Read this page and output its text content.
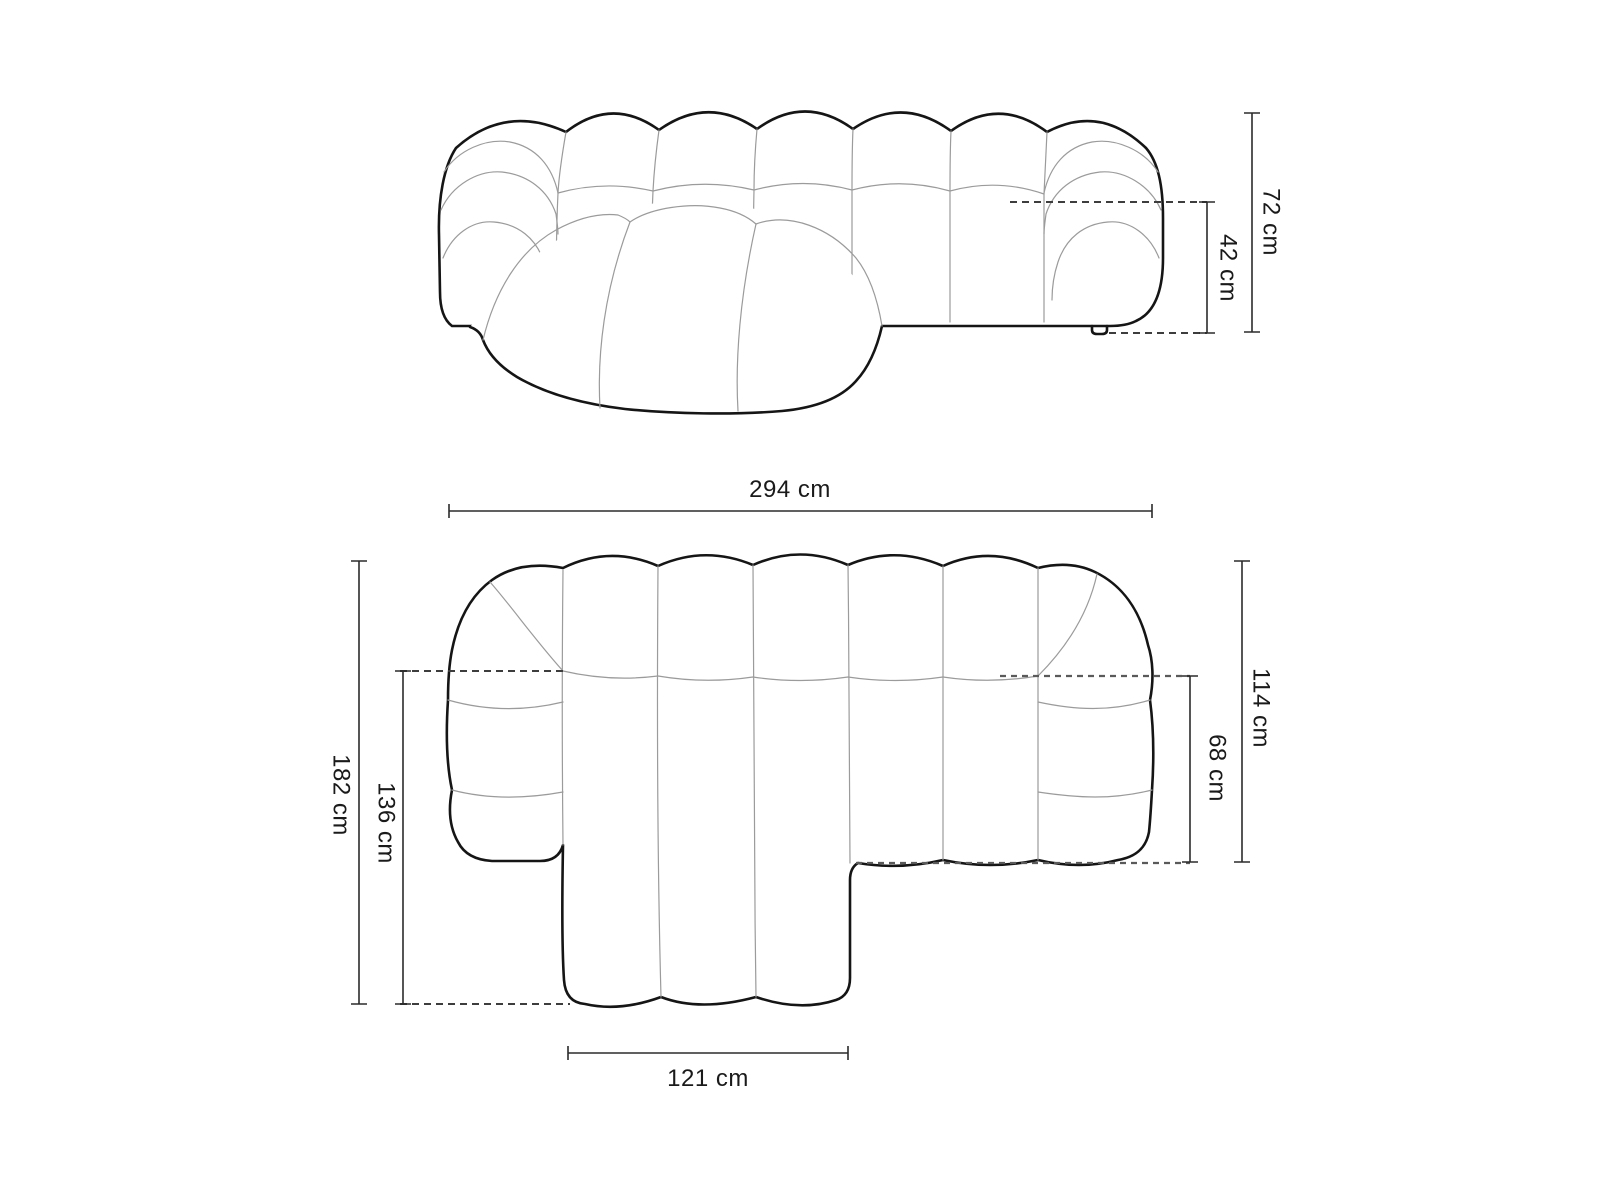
72 cm
42 cm
294 cm
182 cm 136 cm
114 cm
68 cm
121 cm
